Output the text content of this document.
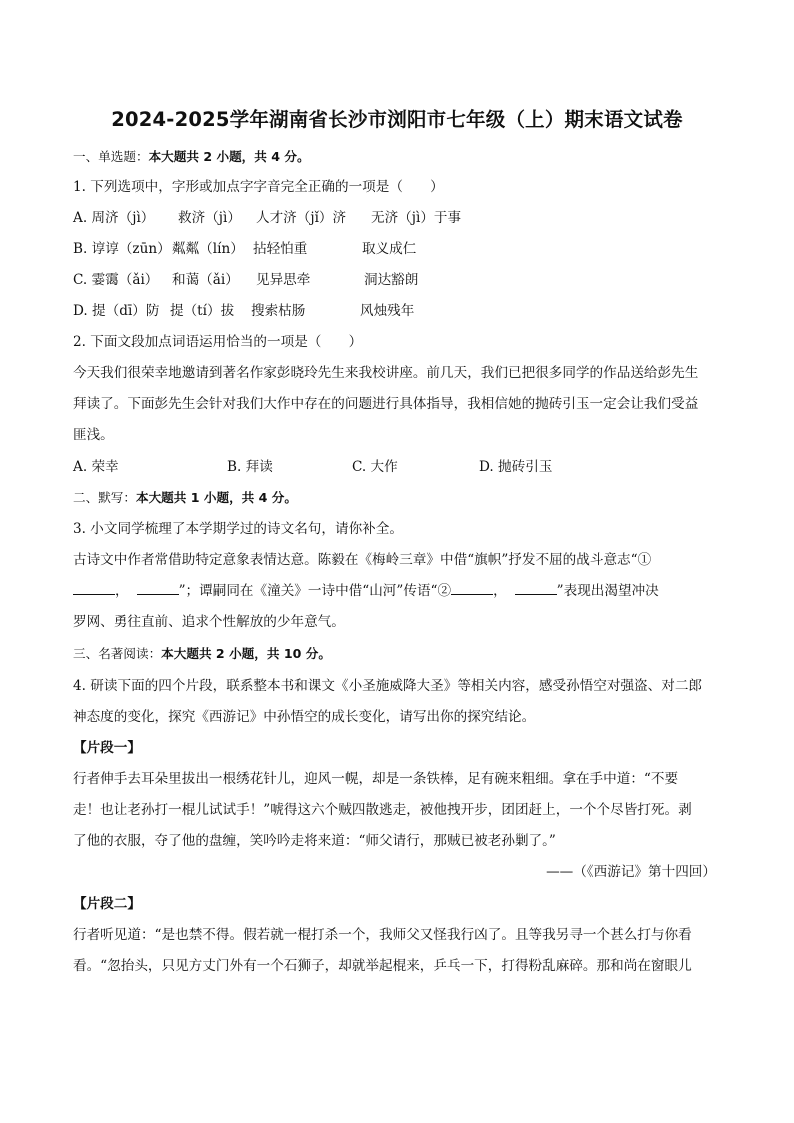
2024-2025学年湖南省长沙市浏阳市七年级（上）期末语文试卷
一、单选题：本大题共 2 小题，共 4 分。
1. 下列选项中，字形或加点字字音完全正确的一项是（　　）
A. 周济（jì） 救济（jì） 人才济（jǐ）济 无济（jì）于事
B. 谆谆（zūn） 粼粼（lín） 拈轻怕重	取义成仁
C. 霎霭（ǎi） 和蔼（ǎi） 见异思牵	洞达豁朗
D. 提（dī）防 提（tí）拔 搜索枯肠	风烛残年
2. 下面文段加点词语运用恰当的一项是（　　）
今天我们很荣幸地邀请到著名作家彭晓玲先生来我校讲座。前几天，我们已把很多同学的作品送给彭先生
拜读了。下面彭先生会针对我们大作中存在的问题进行具体指导，我相信她的抛砖引玉一定会让我们受益
匪浅。
A. 荣幸	B. 拜读	C. 大作	D. 抛砖引玉
二、默写：本大题共 1 小题，共 4 分。
3. 小文同学梳理了本学期学过的诗文名句，请你补全。
古诗文中作者常借助特定意象表情达意。陈毅在《梅岭三章》中借“旗帜”抒发不屈的战斗意志“①
，	”；谭嗣同在《潼关》一诗中借“山河”传语“②	，	”表现出渴望冲决
罗网、勇往直前、追求个性解放的少年意气。
三、名著阅读：本大题共 2 小题，共 10 分。
4. 研读下面的四个片段，联系整本书和课文《小圣施威降大圣》等相关内容，感受孙悟空对强盗、对二郎
神态度的变化，探究《西游记》中孙悟空的成长变化，请写出你的探究结论。
【片段一】
行者伸手去耳朵里拔出一根绣花针儿，迎风一幌，却是一条铁棒，足有碗来粗细。拿在手中道：“不要
走！也让老孙打一棍儿试试手！”唬得这六个贼四散逃走，被他拽开步，团团赶上，一个个尽皆打死。剥
了他的衣服，夺了他的盘缠，笑吟吟走将来道：“师父请行，那贼已被老孙剿了。”
——（《西游记》第十四回）
【片段二】
行者听见道：“是也禁不得。假若就一棍打杀一个，我师父又怪我行凶了。且等我另寻一个甚么打与你看
看。“忽抬头，只见方丈门外有一个石狮子，却就举起棍来，乒乓一下，打得粉乱麻碎。那和尚在窗眼儿
